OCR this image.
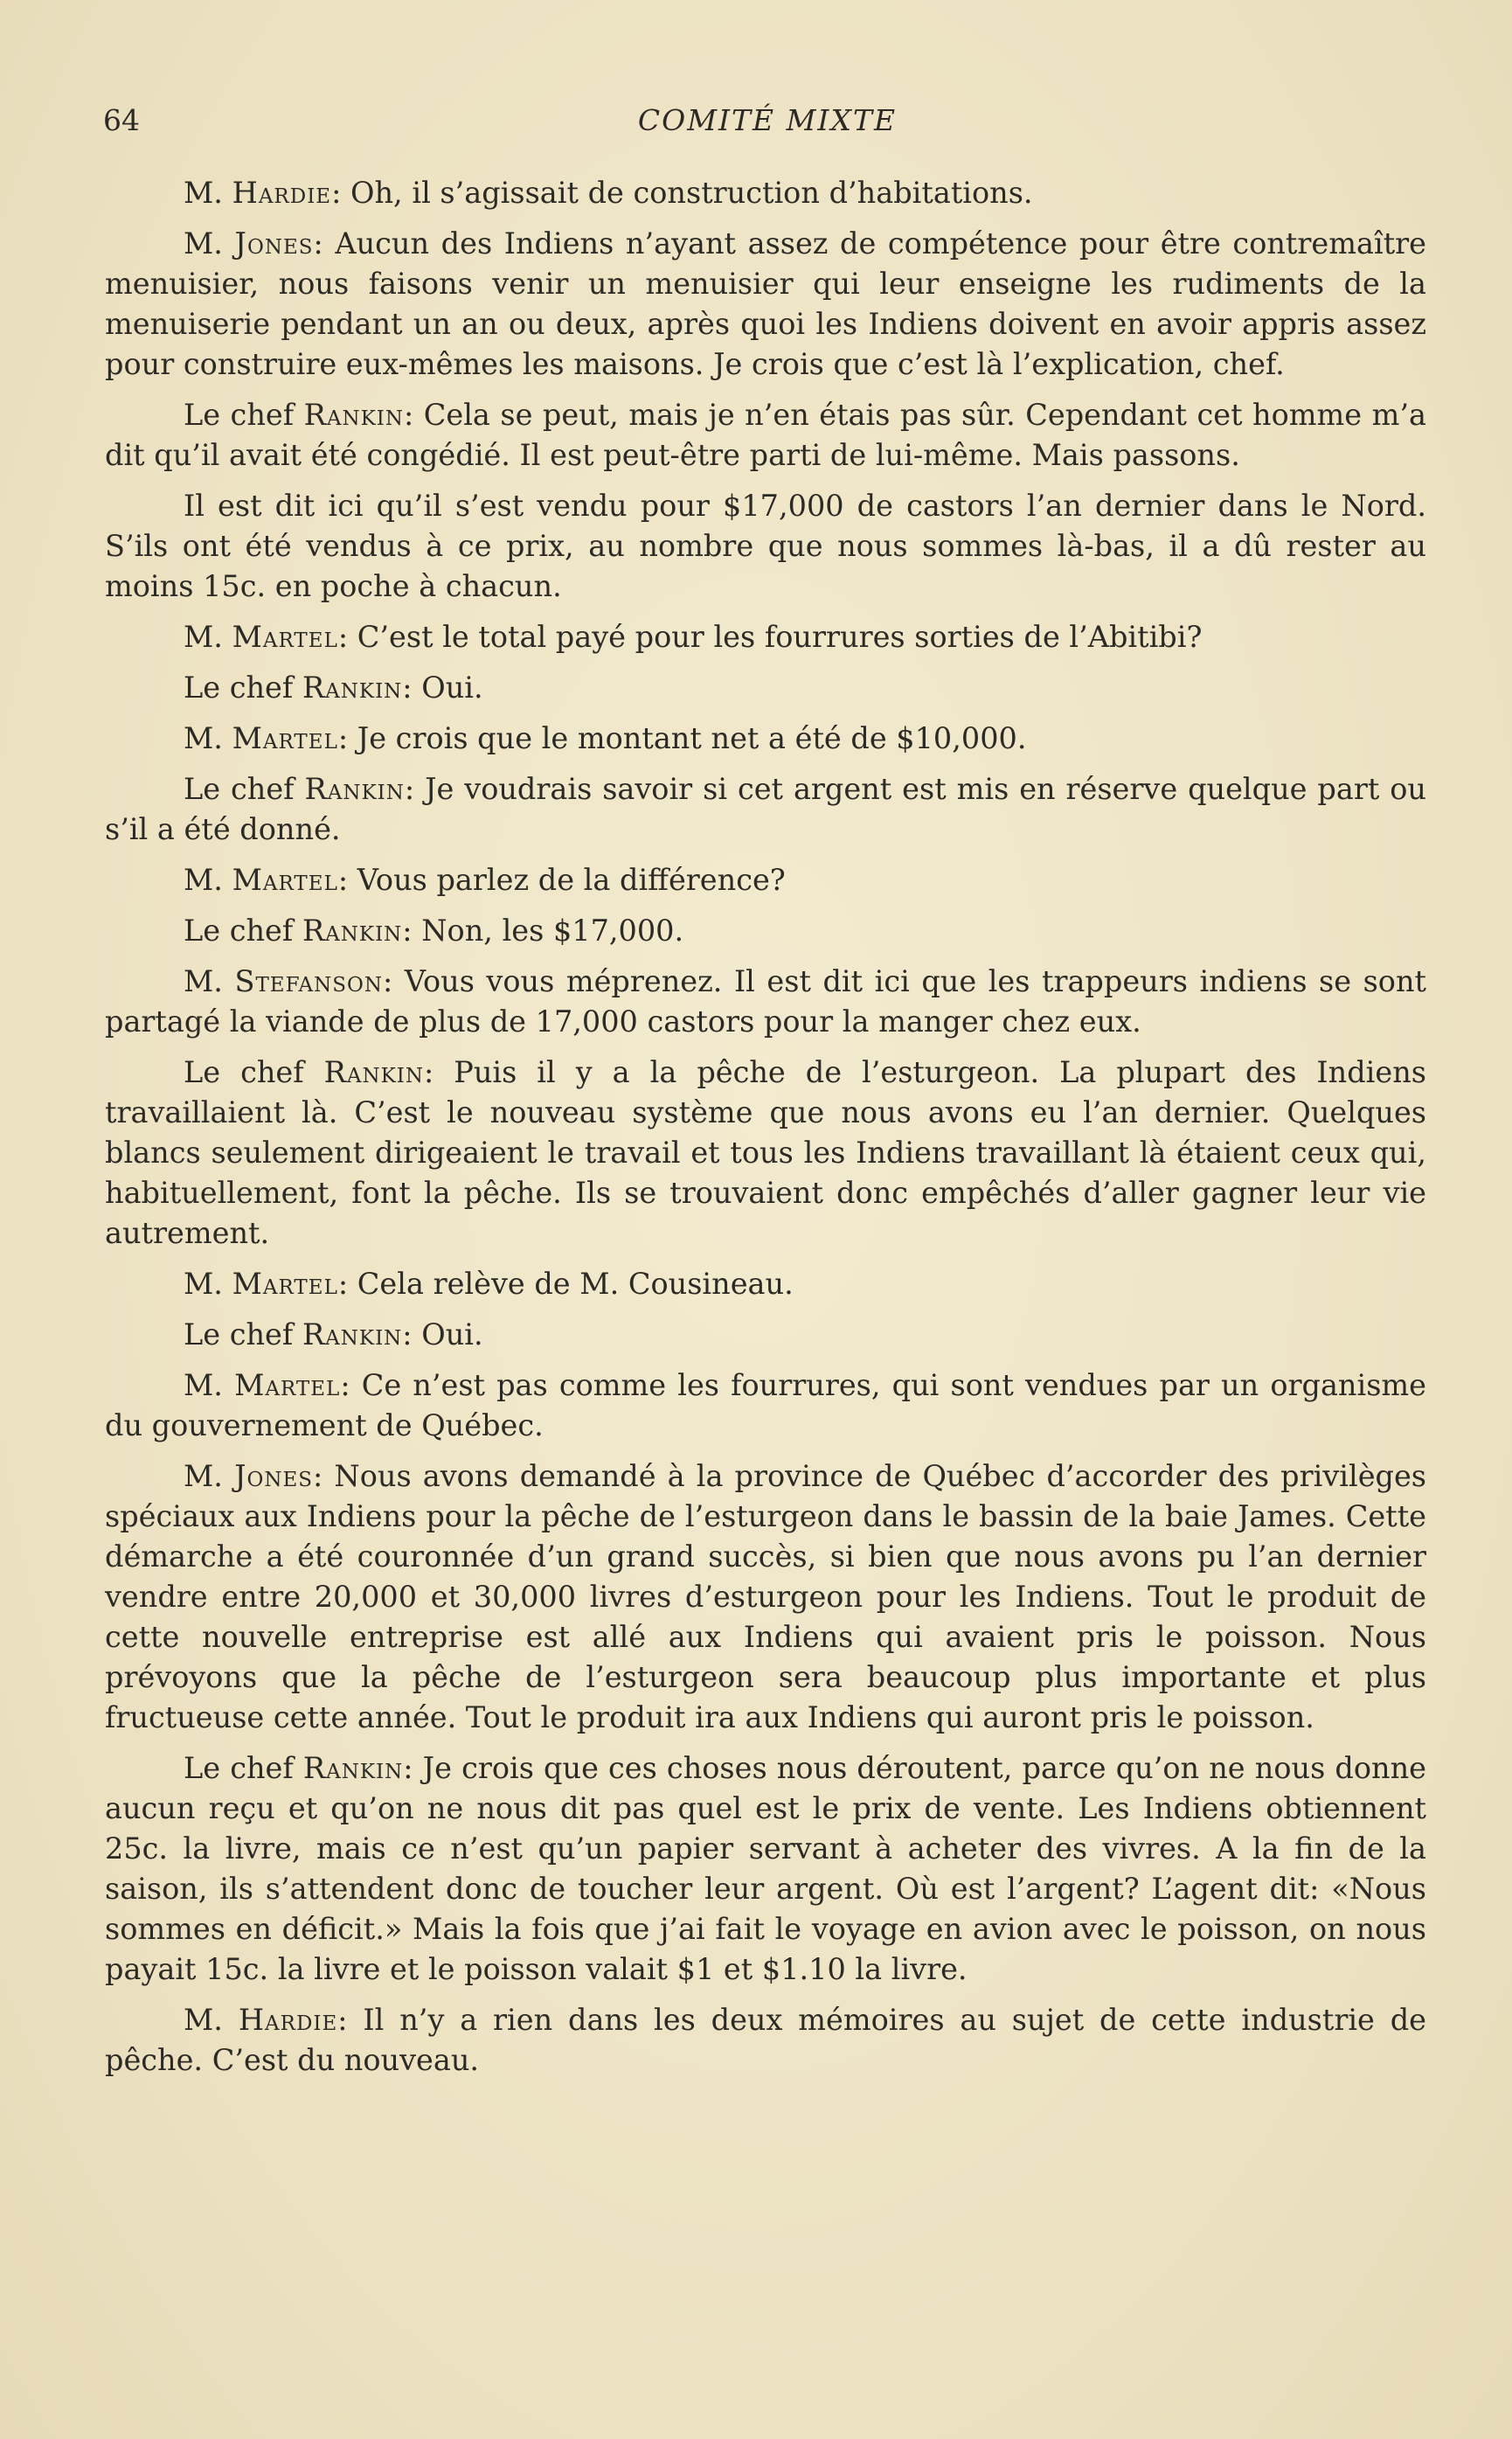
64	COMITÉ MIXTE

M. Hardie: Oh, il s’agissait de construction d’habitations.

M. Jones: Aucun des Indiens n’ayant assez de compétence pour être contremaître menuisier, nous faisons venir un menuisier qui leur enseigne les rudiments de la menuiserie pendant un an ou deux, après quoi les Indiens doivent en avoir appris assez pour construire eux-mêmes les maisons. Je crois que c’est là l’explication, chef.

Le chef Rankin: Cela se peut, mais je n’en étais pas sûr. Cependant cet homme m’a dit qu’il avait été congédié. Il est peut-être parti de lui-même. Mais passons.

Il est dit ici qu’il s’est vendu pour $17,000 de castors l’an dernier dans le Nord. S’ils ont été vendus à ce prix, au nombre que nous sommes là-bas, il a dû rester au moins 15c. en poche à chacun.

M. Martel: C’est le total payé pour les fourrures sorties de l’Abitibi?

Le chef Rankin: Oui.

M. Martel: Je crois que le montant net a été de $10,000.

Le chef Rankin: Je voudrais savoir si cet argent est mis en réserve quelque part ou s’il a été donné.

M. Martel: Vous parlez de la différence?

Le chef Rankin: Non, les $17,000.

M. Stefanson: Vous vous méprenez. Il est dit ici que les trappeurs indiens se sont partagé la viande de plus de 17,000 castors pour la manger chez eux.

Le chef Rankin: Puis il y a la pêche de l’esturgeon. La plupart des Indiens travaillaient là. C’est le nouveau système que nous avons eu l’an dernier. Quelques blancs seulement dirigeaient le travail et tous les Indiens travaillant là étaient ceux qui, habituellement, font la pêche. Ils se trouvaient donc empêchés d’aller gagner leur vie autrement.

M. Martel: Cela relève de M. Cousineau.

Le chef Rankin: Oui.

M. Martel: Ce n’est pas comme les fourrures, qui sont vendues par un organisme du gouvernement de Québec.

M. Jones: Nous avons demandé à la province de Québec d’accorder des privilèges spéciaux aux Indiens pour la pêche de l’esturgeon dans le bassin de la baie James. Cette démarche a été couronnée d’un grand succès, si bien que nous avons pu l’an dernier vendre entre 20,000 et 30,000 livres d’esturgeon pour les Indiens. Tout le produit de cette nouvelle entreprise est allé aux Indiens qui avaient pris le poisson. Nous prévoyons que la pêche de l’esturgeon sera beaucoup plus importante et plus fructueuse cette année. Tout le produit ira aux Indiens qui auront pris le poisson.

Le chef Rankin: Je crois que ces choses nous déroutent, parce qu’on ne nous donne aucun reçu et qu’on ne nous dit pas quel est le prix de vente. Les Indiens obtiennent 25c. la livre, mais ce n’est qu’un papier servant à acheter des vivres. A la fin de la saison, ils s’attendent donc de toucher leur argent. Où est l’argent? L’agent dit: «Nous sommes en déficit.» Mais la fois que j’ai fait le voyage en avion avec le poisson, on nous payait 15c. la livre et le poisson valait $1 et $1.10 la livre.

M. Hardie: Il n’y a rien dans les deux mémoires au sujet de cette industrie de pêche. C’est du nouveau.
